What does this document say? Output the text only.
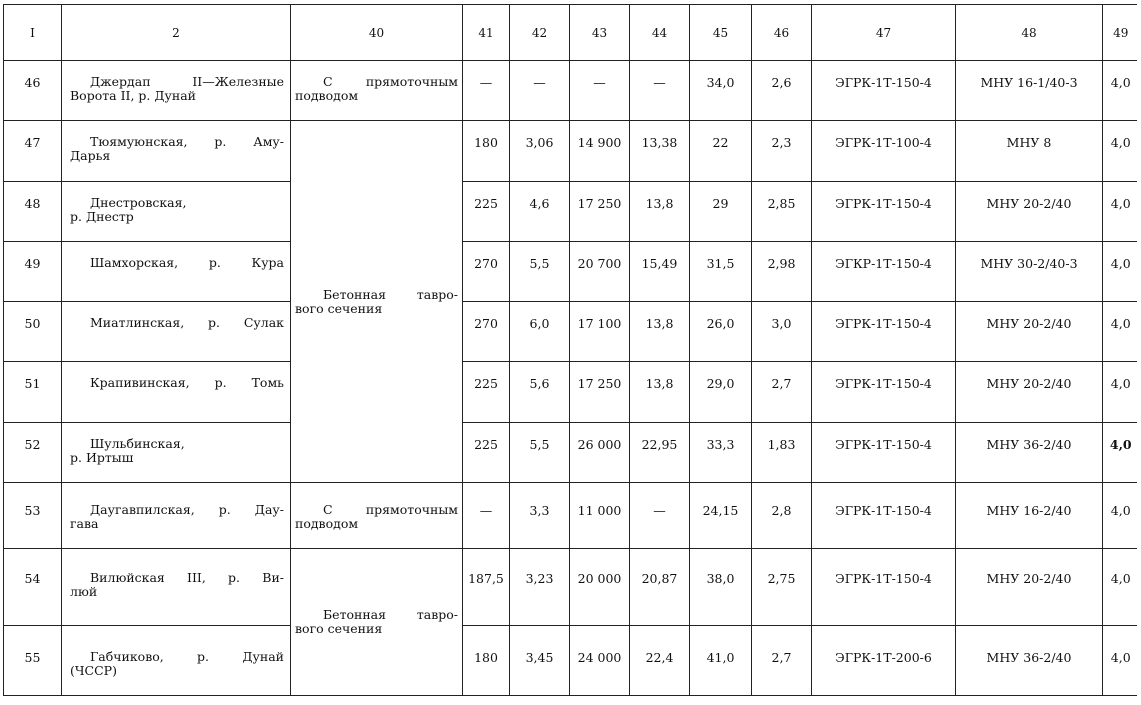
I	2	40	41	42	43	44	45	46	47	48	49
46	Джердап II—Железные
Ворота II, р. Дунай	С прямоточным
подводом	—	—	—	—	34,0	2,6	ЭГРК-1Т-150-4	МНУ 16-1/40-3	4,0
47	Тюямуюнская, р. Аму-
Дарья	Бетонная тавро-
вого сечения	180	3,06	14 900	13,38	22	2,3	ЭГРК-1Т-100-4	МНУ 8	4,0
48	Днестровская,
р. Днестр		225	4,6	17 250	13,8	29	2,85	ЭГРК-1Т-150-4	МНУ 20-2/40	4,0
49	Шамхорская, р. Кура		270	5,5	20 700	15,49	31,5	2,98	ЭГКР-1Т-150-4	МНУ 30-2/40-3	4,0
50	Миатлинская, р. Сулак		270	6,0	17 100	13,8	26,0	3,0	ЭГРК-1Т-150-4	МНУ 20-2/40	4,0
51	Крапивинская, р. Томь		225	5,6	17 250	13,8	29,0	2,7	ЭГРК-1Т-150-4	МНУ 20-2/40	4,0
52	Шульбинская,
р. Иртыш		225	5,5	26 000	22,95	33,3	1,83	ЭГРК-1Т-150-4	МНУ 36-2/40	4,0
53	Даугавпилская, р. Дау-
гава	С прямоточным
подводом	—	3,3	11 000	—	24,15	2,8	ЭГРК-1Т-150-4	МНУ 16-2/40	4,0
54	Вилюйская III, р. Ви-
люй	Бетонная тавро-
вого сечения	187,5	3,23	20 000	20,87	38,0	2,75	ЭГРК-1Т-150-4	МНУ 20-2/40	4,0
55	Габчиково, р. Дунай
(ЧССР)		180	3,45	24 000	22,4	41,0	2,7	ЭГРК-1Т-200-6	МНУ 36-2/40	4,0
